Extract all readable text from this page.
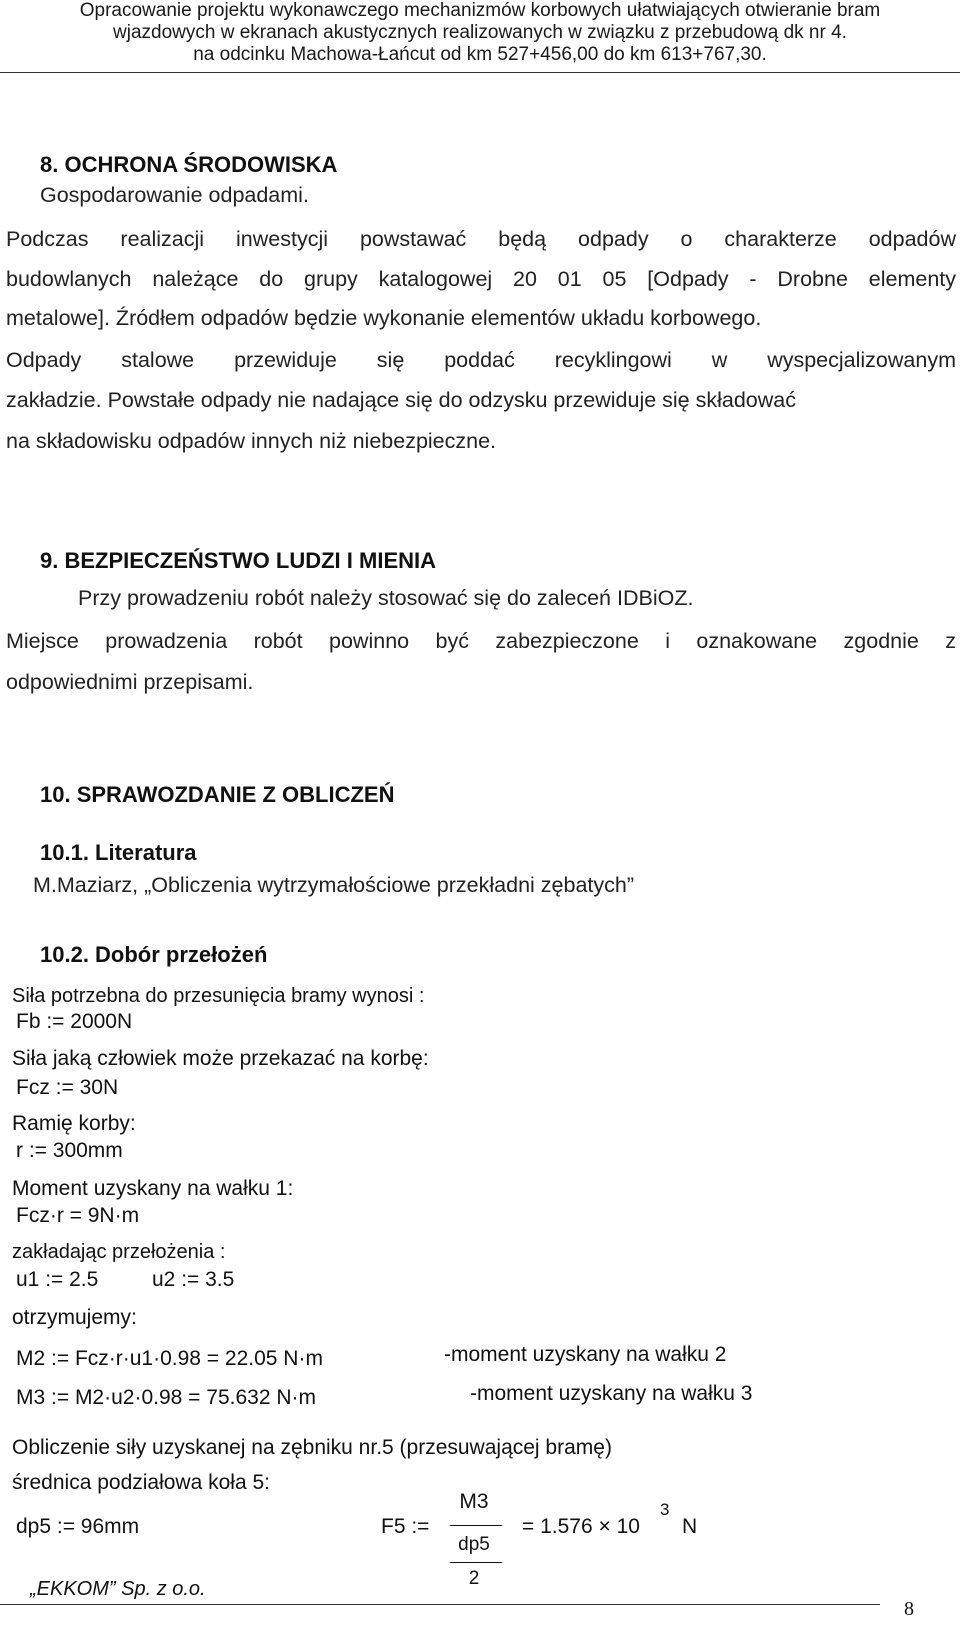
Opracowanie projektu wykonawczego mechanizmów korbowych ułatwiających otwieranie bram
wjazdowych w ekranach akustycznych realizowanych w związku z przebudową dk nr 4.
na odcinku Machowa-Łańcut od km 527+456,00 do km 613+767,30.
8. OCHRONA ŚRODOWISKA
Gospodarowanie odpadami.
Podczas realizacji inwestycji powstawać będą odpady o charakterze odpadów
budowlanych należące do grupy katalogowej 20 01 05 [Odpady - Drobne elementy
metalowe]. Źródłem odpadów będzie wykonanie elementów układu korbowego.
Odpady stalowe przewiduje się poddać recyklingowi w wyspecjalizowanym
zakładzie. Powstałe odpady nie nadające się do odzysku przewiduje się składować
na składowisku odpadów innych niż niebezpieczne.
9. BEZPIECZEŃSTWO LUDZI I MIENIA
Przy prowadzeniu robót należy stosować się do zaleceń IDBiOZ.
Miejsce prowadzenia robót powinno być zabezpieczone i oznakowane zgodnie z
odpowiednimi przepisami.
10. SPRAWOZDANIE Z OBLICZEŃ
10.1. Literatura
M.Maziarz, „Obliczenia wytrzymałościowe przekładni zębatych”
10.2. Dobór przełożeń
Siła potrzebna do przesunięcia bramy wynosi :
Fb := 2000N
Siła jaką człowiek może przekazać na korbę:
Fcz := 30N
Ramię korby:
r := 300mm
Moment uzyskany na wałku 1:
Fcz·r = 9N·m
zakładając przełożenia :
u1 := 2.5	u2 := 3.5
otrzymujemy:
M2 := Fcz·r·u1·0.98 = 22.05 N·m	-moment uzyskany na wałku 2
M3 := M2·u2·0.98 = 75.632 N·m	-moment uzyskany na wałku 3
Obliczenie siły uzyskanej na zębniku nr.5 (przesuwającej bramę)
średnica podziałowa koła 5:
dp5 := 96mm	F5 :=
M3
dp5
2
= 1.576 × 10
3
N
„EKKOM” Sp. z o.o.
8
